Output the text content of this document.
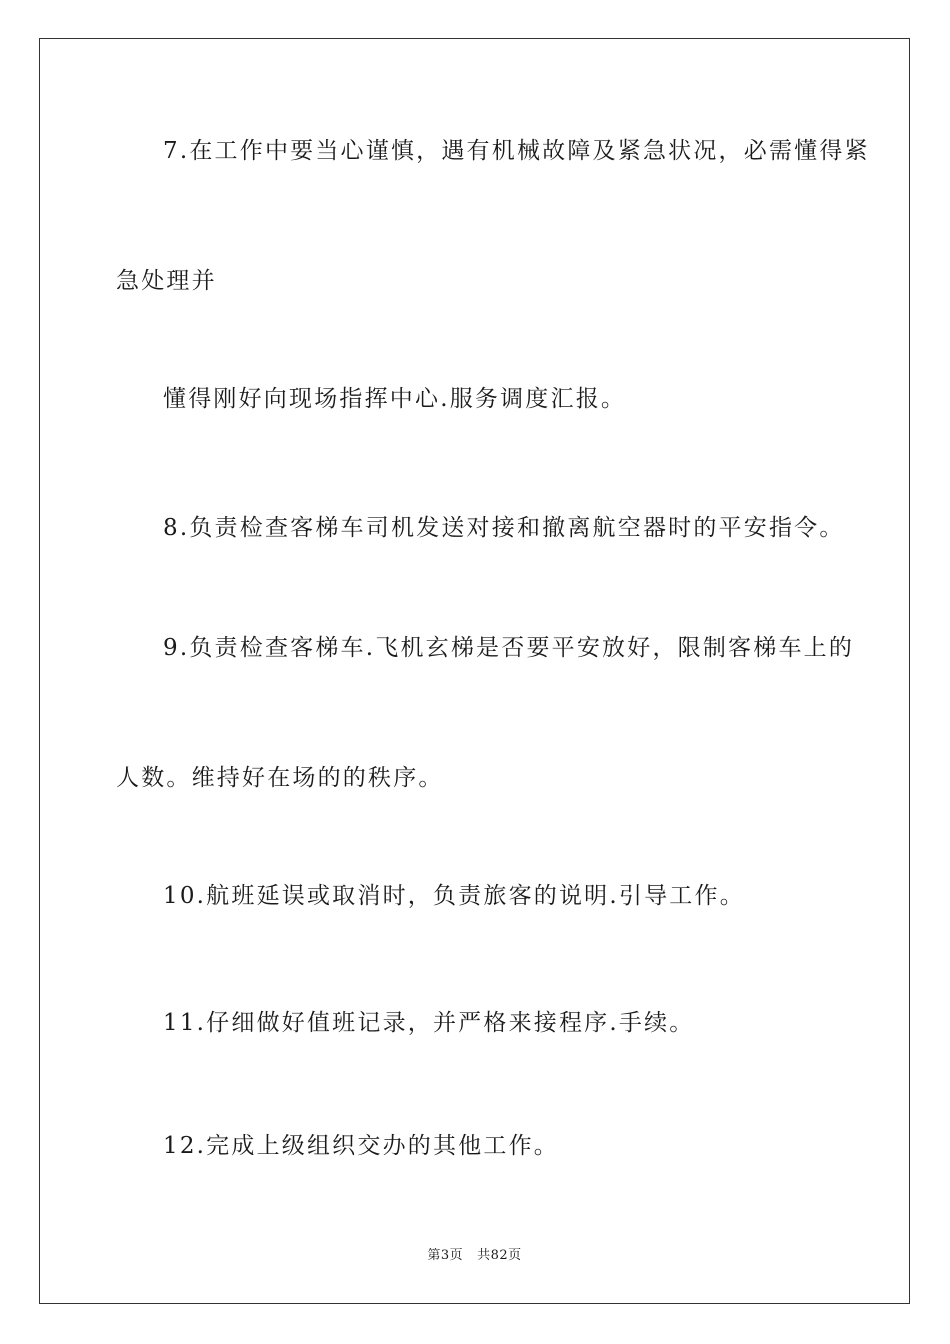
7.在工作中要当心谨慎，遇有机械故障及紧急状况，必需懂得紧
急处理并
懂得刚好向现场指挥中心.服务调度汇报。
8.负责检查客梯车司机发送对接和撤离航空器时的平安指令。
9.负责检查客梯车.飞机玄梯是否要平安放好，限制客梯车上的
人数。维持好在场的的秩序。
10.航班延误或取消时，负责旅客的说明.引导工作。
11.仔细做好值班记录，并严格来接程序.手续。
12.完成上级组织交办的其他工作。
第3页 共82页
